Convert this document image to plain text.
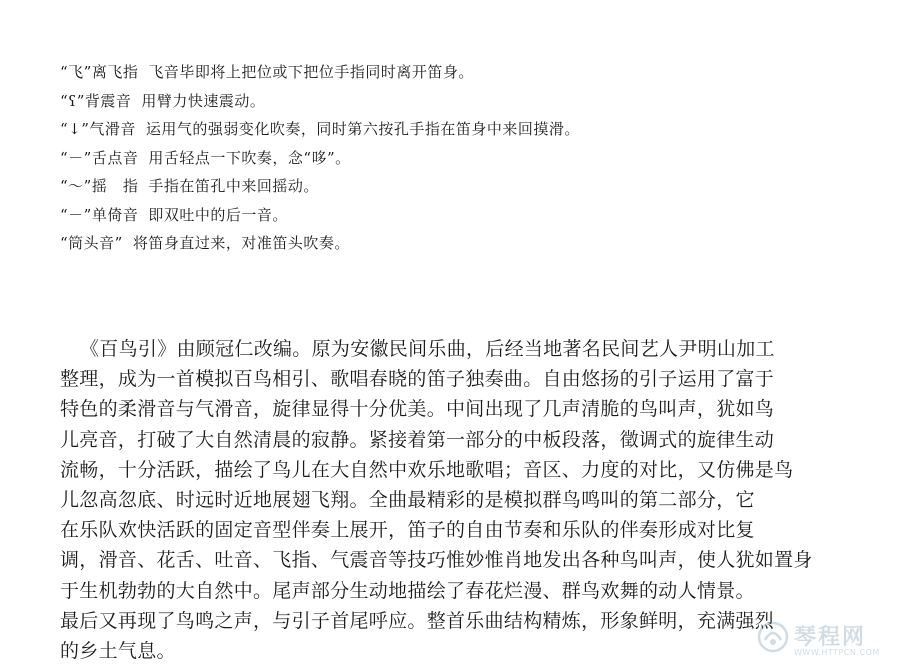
“飞”离飞指 飞音毕即将上把位或下把位手指同时离开笛身。
“ʕ”背震音 用臂力快速震动。
“↓”气滑音 运用气的强弱变化吹奏，同时第六按孔手指在笛身中来回摸滑。
“－”舌点音 用舌轻点一下吹奏，念“哆”。
“〜”摇　指 手指在笛孔中来回摇动。
“－”单倚音 即双吐中的后一音。
“筒头音” 将笛身直过来，对准笛头吹奏。
《百鸟引》由顾冠仁改编。原为安徽民间乐曲，后经当地著名民间艺人尹明山加工
整理，成为一首模拟百鸟相引、歌唱春晓的笛子独奏曲。自由悠扬的引子运用了富于
特色的柔滑音与气滑音，旋律显得十分优美。中间出现了几声清脆的鸟叫声，犹如鸟
儿亮音，打破了大自然清晨的寂静。紧接着第一部分的中板段落，徵调式的旋律生动
流畅，十分活跃，描绘了鸟儿在大自然中欢乐地歌唱；音区、力度的对比，又仿佛是鸟
儿忽高忽底、时远时近地展翅飞翔。全曲最精彩的是模拟群鸟鸣叫的第二部分，它
在乐队欢快活跃的固定音型伴奏上展开，笛子的自由节奏和乐队的伴奏形成对比复
调，滑音、花舌、吐音、飞指、气震音等技巧惟妙惟肖地发出各种鸟叫声，使人犹如置身
于生机勃勃的大自然中。尾声部分生动地描绘了春花烂漫、群鸟欢舞的动人情景。
最后又再现了鸟鸣之声，与引子首尾呼应。整首乐曲结构精炼，形象鲜明，充满强烈
的乡土气息。
琴程网
WWW.HTTPCN.COM
